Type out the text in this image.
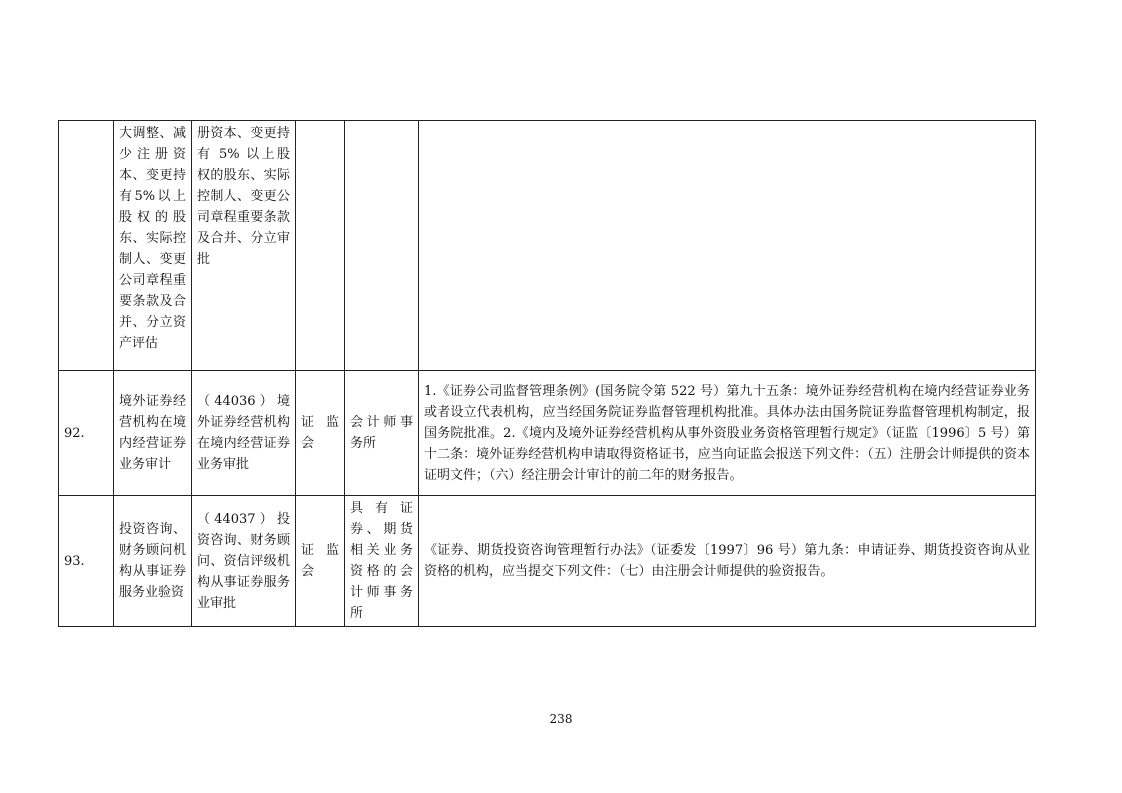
	大调整、减少注册资本、变更持有5%以上股权的股东、实际控制人、变更公司章程重要条款及合并、分立资产评估	册资本、变更持有 5% 以上股权的股东、实际控制人、变更公司章程重要条款及合并、分立审批			
92.	境外证券经营机构在境内经营证券业务审计	（44036）境外证券经营机构在境内经营证券业务审批	证监会	会计师事务所	1.《证券公司监督管理条例》(国务院令第 522 号）第九十五条：境外证券经营机构在境内经营证券业务或者设立代表机构，应当经国务院证券监督管理机构批准。具体办法由国务院证券监督管理机构制定，报国务院批准。2.《境内及境外证券经营机构从事外资股业务资格管理暂行规定》（证监〔1996〕5 号）第十二条：境外证券经营机构申请取得资格证书，应当向证监会报送下列文件：（五）注册会计师提供的资本证明文件；（六）经注册会计审计的前二年的财务报告。
93.	投资咨询、财务顾问机构从事证券服务业验资	（44037）投资咨询、财务顾问、资信评级机构从事证券服务业审批	证监会	具有证券、期货相关业务资格的会计师事务所	《证券、期货投资咨询管理暂行办法》（证委发〔1997〕96 号）第九条：申请证券、期货投资咨询从业资格的机构，应当提交下列文件：（七）由注册会计师提供的验资报告。
238
